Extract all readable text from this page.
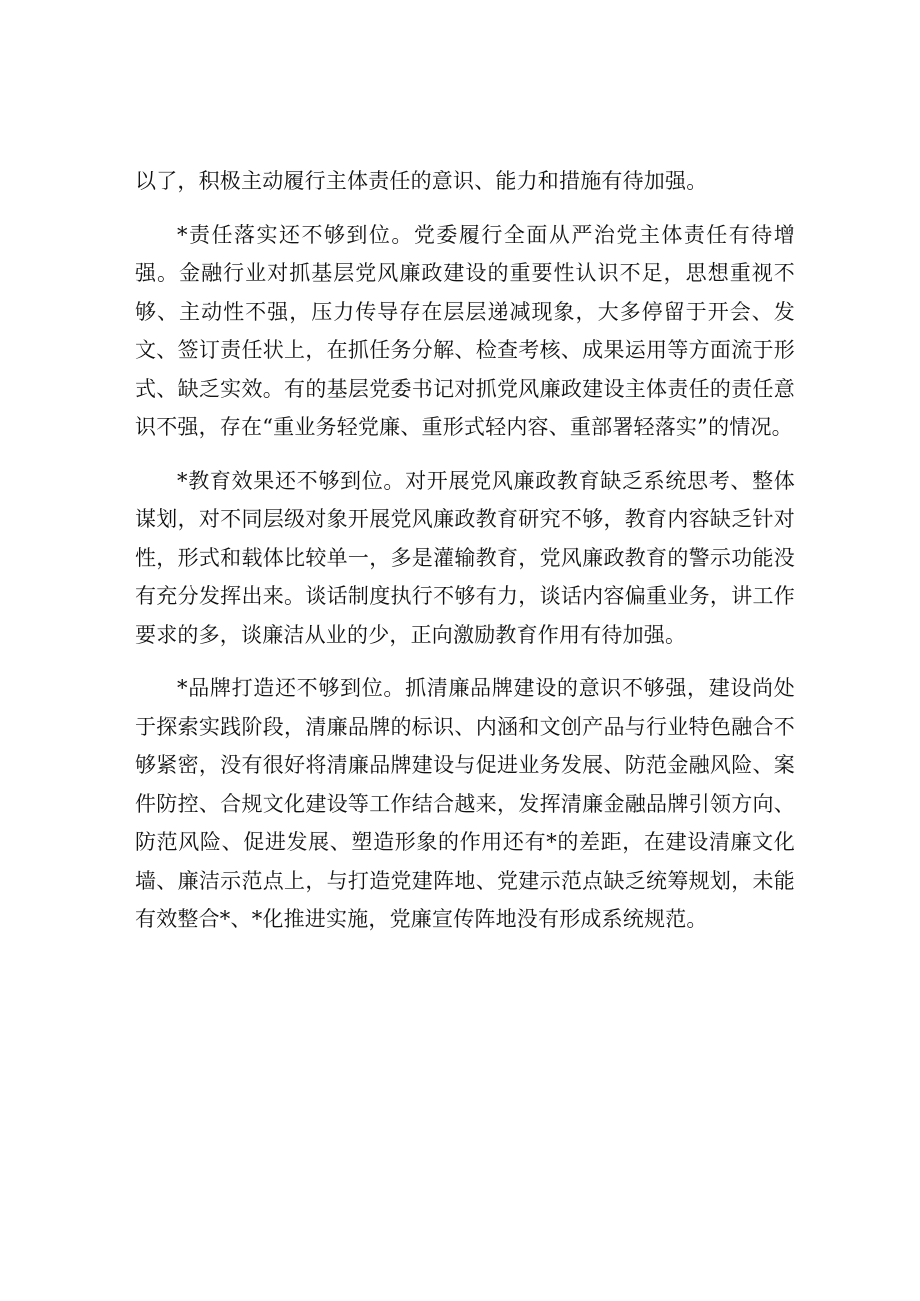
以了，积极主动履行主体责任的意识、能力和措施有待加强。

*责任落实还不够到位。党委履行全面从严治党主体责任有待增强。金融行业对抓基层党风廉政建设的重要性认识不足，思想重视不够、主动性不强，压力传导存在层层递减现象，大多停留于开会、发文、签订责任状上，在抓任务分解、检查考核、成果运用等方面流于形式、缺乏实效。有的基层党委书记对抓党风廉政建设主体责任的责任意识不强，存在“重业务轻党廉、重形式轻内容、重部署轻落实”的情况。

*教育效果还不够到位。对开展党风廉政教育缺乏系统思考、整体谋划，对不同层级对象开展党风廉政教育研究不够，教育内容缺乏针对性，形式和载体比较单一，多是灌输教育，党风廉政教育的警示功能没有充分发挥出来。谈话制度执行不够有力，谈话内容偏重业务，讲工作要求的多，谈廉洁从业的少，正向激励教育作用有待加强。

*品牌打造还不够到位。抓清廉品牌建设的意识不够强，建设尚处于探索实践阶段，清廉品牌的标识、内涵和文创产品与行业特色融合不够紧密，没有很好将清廉品牌建设与促进业务发展、防范金融风险、案件防控、合规文化建设等工作结合越来，发挥清廉金融品牌引领方向、防范风险、促进发展、塑造形象的作用还有*的差距，在建设清廉文化墙、廉洁示范点上，与打造党建阵地、党建示范点缺乏统筹规划，未能有效整合*、*化推进实施，党廉宣传阵地没有形成系统规范。
